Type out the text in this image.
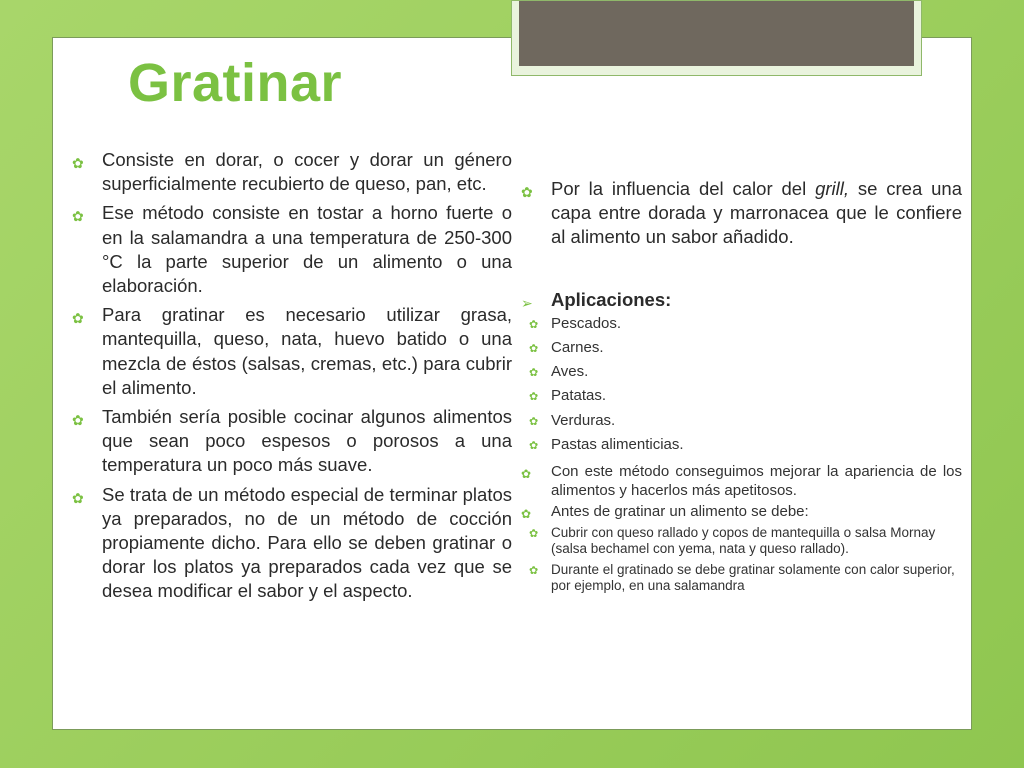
Gratinar
✿ Consiste en dorar, o cocer y dorar un género superficialmente recubierto de queso, pan, etc.
✿ Ese método consiste en tostar a horno fuerte o en la salamandra a una temperatura de 250-300 °C la parte superior de un alimento o una elaboración.
✿ Para gratinar es necesario utilizar grasa, mantequilla, queso, nata, huevo batido o una mezcla de éstos (salsas, cremas, etc.) para cubrir el alimento.
✿ También sería posible cocinar algunos alimentos que sean poco espesos o porosos a una temperatura un poco más suave.
✿ Se trata de un método especial de terminar platos ya preparados, no de un método de cocción propiamente dicho. Para ello se deben gratinar o dorar los platos ya preparados cada vez que se desea modificar el sabor y el aspecto.
✿ Por la influencia del calor del grill, se crea una capa entre dorada y marronacea que le confiere al alimento un sabor añadido.
➢ Aplicaciones:
✿ Pescados.
✿ Carnes.
✿ Aves.
✿ Patatas.
✿ Verduras.
✿ Pastas alimenticias.
✿ Con este método conseguimos mejorar la apariencia de los alimentos y hacerlos más apetitosos.
✿ Antes de gratinar un alimento se debe:
✿ Cubrir con queso rallado y copos de mantequilla o salsa Mornay (salsa bechamel con yema, nata y queso rallado).
✿ Durante el gratinado se debe gratinar solamente con calor superior, por ejemplo, en una salamandra
